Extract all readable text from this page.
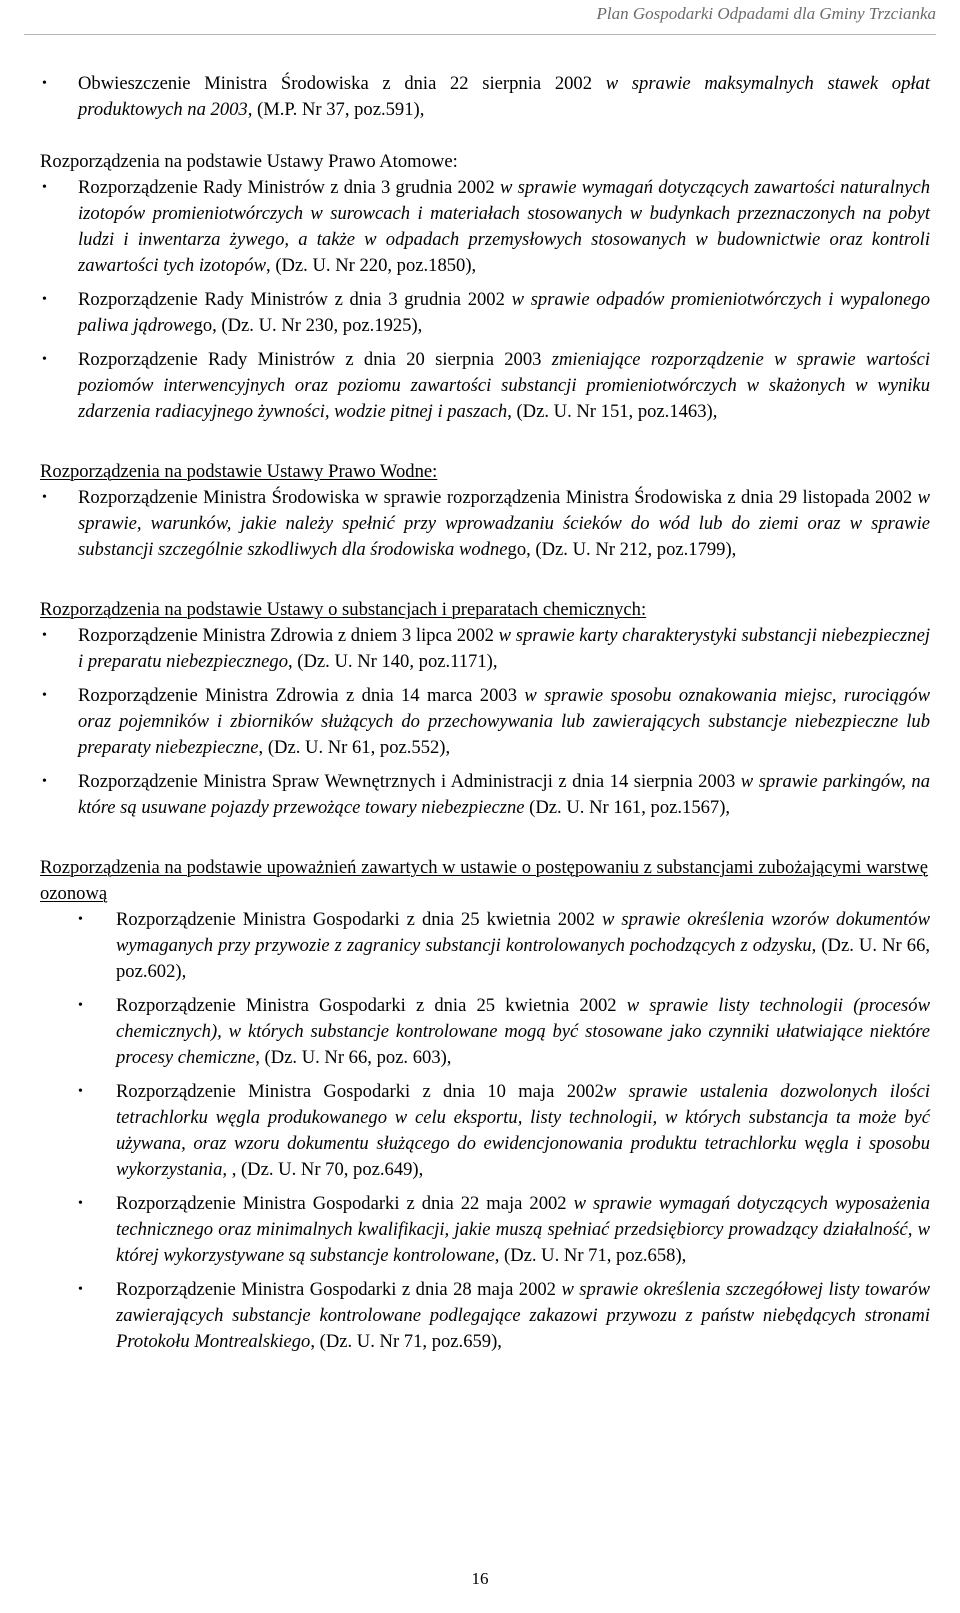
Plan Gospodarki Odpadami dla Gminy Trzcianka
• Obwieszczenie Ministra Środowiska z dnia 22 sierpnia 2002 w sprawie maksymalnych stawek opłat produktowych na 2003, (M.P. Nr 37, poz.591),

Rozporządzenia na podstawie Ustawy Prawo Atomowe:

• Rozporządzenie Rady Ministrów z dnia 3 grudnia 2002 w sprawie wymagań dotyczących zawartości naturalnych izotopów promieniotwórczych w surowcach i materiałach stosowanych w budynkach przeznaczonych na pobyt ludzi i inwentarza żywego, a także w odpadach przemysłowych stosowanych w budownictwie oraz kontroli zawartości tych izotopów, (Dz. U. Nr 220, poz.1850),
• Rozporządzenie Rady Ministrów z dnia 3 grudnia 2002 w sprawie odpadów promieniotwórczych i wypalonego paliwa jądrowego, (Dz. U. Nr 230, poz.1925),
• Rozporządzenie Rady Ministrów z dnia 20 sierpnia 2003 zmieniające rozporządzenie w sprawie wartości poziomów interwencyjnych oraz poziomu zawartości substancji promieniotwórczych w skażonych w wyniku zdarzenia radiacyjnego żywności, wodzie pitnej i paszach, (Dz. U. Nr 151, poz.1463),

Rozporządzenia na podstawie Ustawy Prawo Wodne:

• Rozporządzenie Ministra Środowiska w sprawie rozporządzenia Ministra Środowiska z dnia 29 listopada 2002 w sprawie, warunków, jakie należy spełnić przy wprowadzaniu ścieków do wód lub do ziemi oraz w sprawie substancji szczególnie szkodliwych dla środowiska wodnego, (Dz. U. Nr 212, poz.1799),

Rozporządzenia na podstawie Ustawy o substancjach i preparatach chemicznych:

• Rozporządzenie Ministra Zdrowia z dniem 3 lipca 2002 w sprawie karty charakterystyki substancji niebezpiecznej i preparatu niebezpiecznego, (Dz. U. Nr 140, poz.1171),
• Rozporządzenie Ministra Zdrowia z dnia 14 marca 2003 w sprawie sposobu oznakowania miejsc, rurociągów oraz pojemników i zbiorników służących do przechowywania lub zawierających substancje niebezpieczne lub preparaty niebezpieczne, (Dz. U. Nr 61, poz.552),
• Rozporządzenie Ministra Spraw Wewnętrznych i Administracji z dnia 14 sierpnia 2003 w sprawie parkingów, na które są usuwane pojazdy przewożące towary niebezpieczne (Dz. U. Nr 161, poz.1567),

Rozporządzenia na podstawie upoważnień zawartych w ustawie o postępowaniu z substancjami zubożającymi warstwę ozonową

• Rozporządzenie Ministra Gospodarki z dnia 25 kwietnia 2002 w sprawie określenia wzorów dokumentów wymaganych przy przywozie z zagranicy substancji kontrolowanych pochodzących z odzysku, (Dz. U. Nr 66, poz.602),
• Rozporządzenie Ministra Gospodarki z dnia 25 kwietnia 2002 w sprawie listy technologii (procesów chemicznych), w których substancje kontrolowane mogą być stosowane jako czynniki ułatwiające niektóre procesy chemiczne, (Dz. U. Nr 66, poz. 603),
• Rozporządzenie Ministra Gospodarki z dnia 10 maja 2002w sprawie ustalenia dozwolonych ilości tetrachlorku węgla produkowanego w celu eksportu, listy technologii, w których substancja ta może być używana, oraz wzoru dokumentu służącego do ewidencjonowania produktu tetrachlorku węgla i sposobu wykorzystania, , (Dz. U. Nr 70, poz.649),
• Rozporządzenie Ministra Gospodarki z dnia 22 maja 2002 w sprawie wymagań dotyczących wyposażenia technicznego oraz minimalnych kwalifikacji, jakie muszą spełniać przedsiębiorcy prowadzący działalność, w której wykorzystywane są substancje kontrolowane, (Dz. U. Nr 71, poz.658),
• Rozporządzenie Ministra Gospodarki z dnia 28 maja 2002 w sprawie określenia szczegółowej listy towarów zawierających substancje kontrolowane podlegające zakazowi przywozu z państw niebędących stronami Protokołu Montrealskiego, (Dz. U. Nr 71, poz.659),
16
